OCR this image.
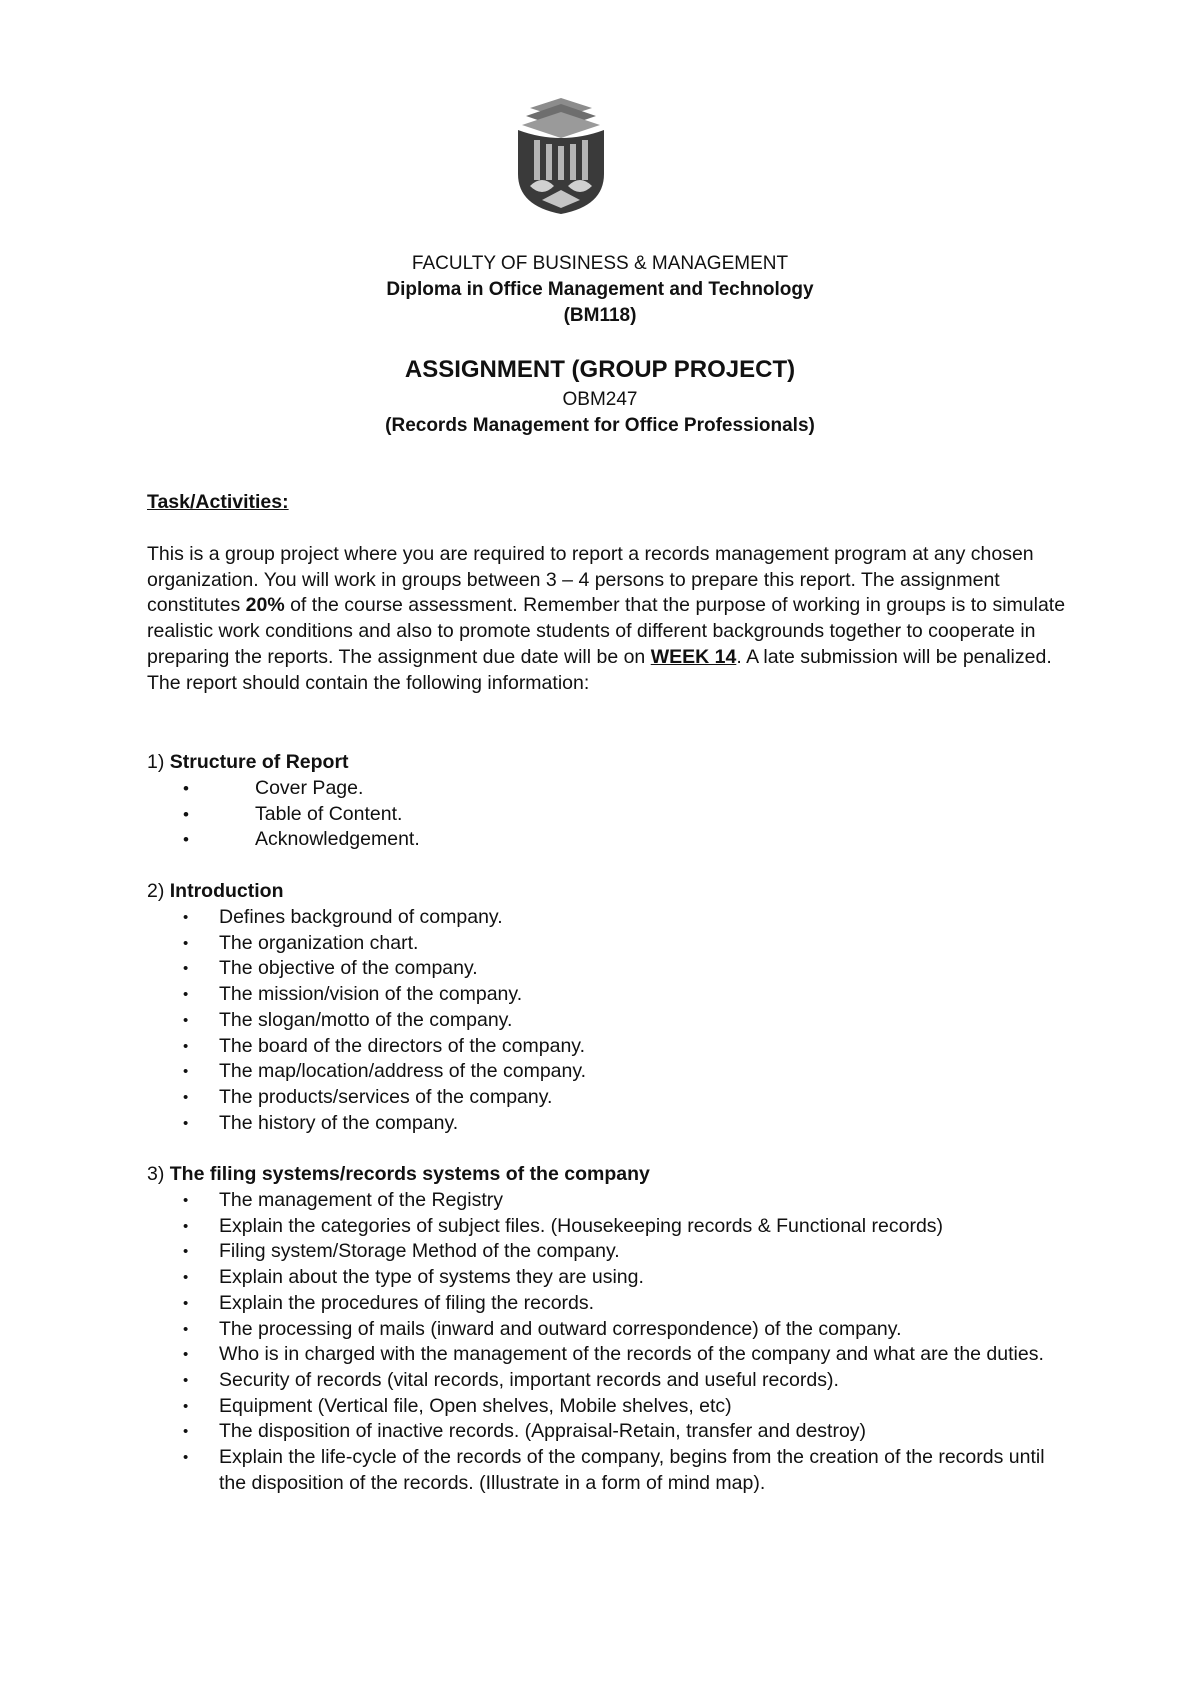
FACULTY OF BUSINESS & MANAGEMENT

Diploma in Office Management and Technology

(BM118)

ASSIGNMENT (GROUP PROJECT)

OBM247

(Records Management for Office Professionals)

Task/Activities:

This is a group project where you are required to report a records management program at any chosen organization. You will work in groups between 3 – 4 persons to prepare this report. The assignment constitutes 20% of the course assessment. Remember that the purpose of working in groups is to simulate realistic work conditions and also to promote students of different backgrounds together to cooperate in preparing the reports. The assignment due date will be on WEEK 14. A late submission will be penalized. The report should contain the following information:

1) Structure of Report
•	Cover Page.
•	Table of Content.
•	Acknowledgement.
2) Introduction
• Defines background of company.
• The organization chart.
• The objective of the company.
• The mission/vision of the company.
• The slogan/motto of the company.
• The board of the directors of the company.
• The map/location/address of the company.
• The products/services of the company.
• The history of the company.
3) The filing systems/records systems of the company
• The management of the Registry
• Explain the categories of subject files. (Housekeeping records & Functional records)
• Filing system/Storage Method of the company.
• Explain about the type of systems they are using.
• Explain the procedures of filing the records.
• The processing of mails (inward and outward correspondence) of the company.
• Who is in charged with the management of the records of the company and what are the duties.
• Security of records (vital records, important records and useful records).
• Equipment (Vertical file, Open shelves, Mobile shelves, etc)
• The disposition of inactive records. (Appraisal-Retain, transfer and destroy)
• Explain the life-cycle of the records of the company, begins from the creation of the records until the disposition of the records. (Illustrate in a form of mind map).
